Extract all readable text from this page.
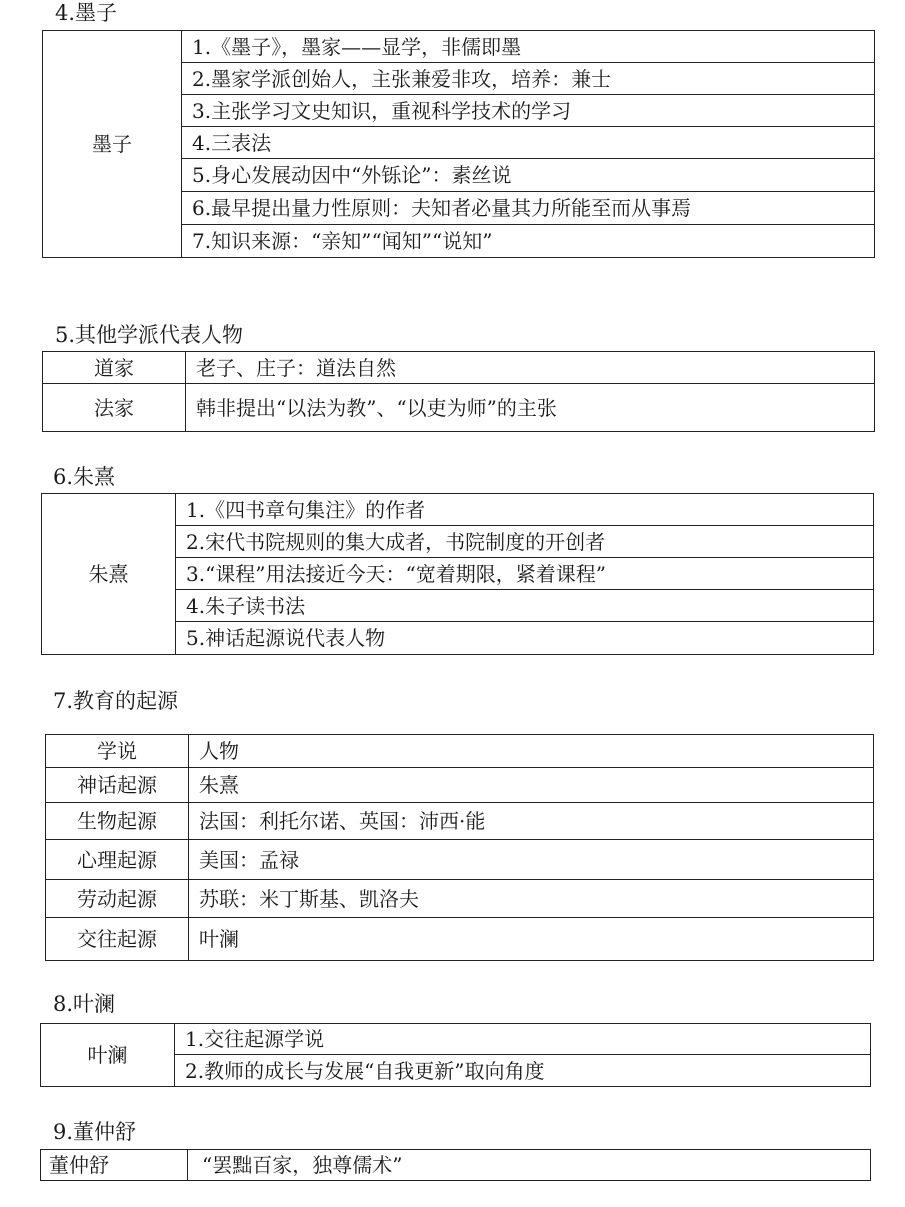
4.墨子
墨子	1.《墨子》，墨家——显学，非儒即墨
2.墨家学派创始人，主张兼爱非攻，培养：兼士
3.主张学习文史知识，重视科学技术的学习
4.三表法
5.身心发展动因中“外铄论”：素丝说
6.最早提出量力性原则：夫知者必量其力所能至而从事焉
7.知识来源：“亲知”“闻知”“说知”
5.其他学派代表人物
道家	老子、庄子：道法自然
法家	韩非提出“以法为教”、“以吏为师”的主张
6.朱熹
朱熹	1.《四书章句集注》的作者
2.宋代书院规则的集大成者，书院制度的开创者
3.“课程”用法接近今天：“宽着期限，紧着课程”
4.朱子读书法
5.神话起源说代表人物
7.教育的起源
学说	人物
神话起源	朱熹
生物起源	法国：利托尔诺、英国：沛西·能
心理起源	美国：孟禄
劳动起源	苏联：米丁斯基、凯洛夫
交往起源	叶澜
8.叶澜
叶澜	1.交往起源学说
2.教师的成长与发展“自我更新”取向角度
9.董仲舒
董仲舒	“罢黜百家，独尊儒术”
